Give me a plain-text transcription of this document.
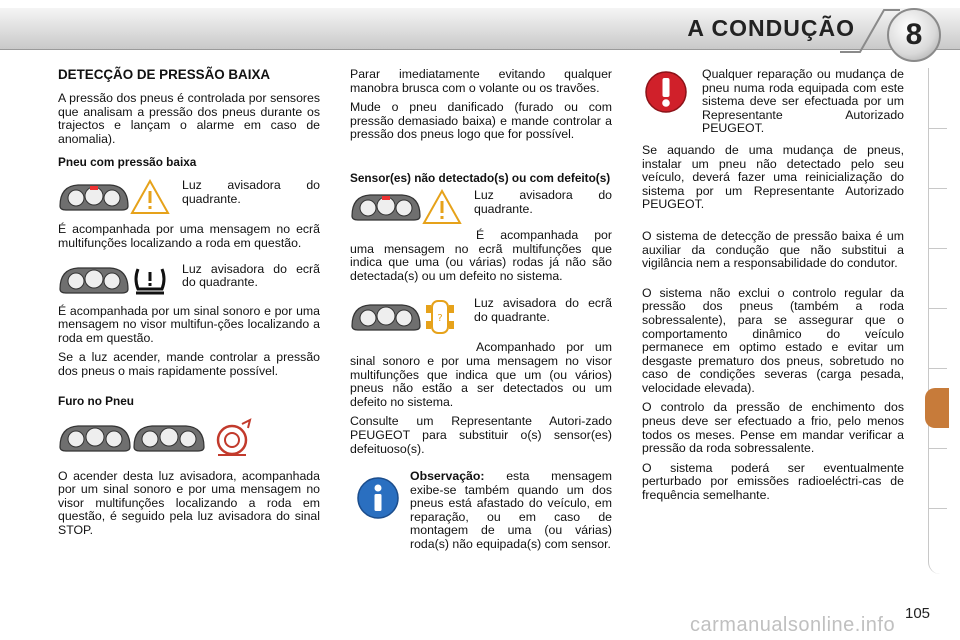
A CONDUÇÃO	8
DETECÇÃO DE PRESSÃO BAIXA

A pressão dos pneus é controlada por sensores que analisam a pressão dos pneus durante os trajectos e lançam o alarme em caso de anomalia).

Pneu com pressão baixa
Luz avisadora do quadrante.

É acompanhada por uma mensagem no ecrã multifunções localizando a roda em questão.

Luz avisadora do ecrã do quadrante.

É acompanhada por um sinal sonoro e por uma mensagem no visor multifun-ções localizando a roda em questão.

Se a luz acender, mande controlar a pressão dos pneus o mais rapidamente possível.

Furo no Pneu

O acender desta luz avisadora, acompanhada por um sinal sonoro e por uma mensagem no visor multifunções localizando a roda em questão, é seguido pela luz avisadora do sinal STOP.

Parar imediatamente evitando qualquer manobra brusca com o volante ou os travões.

Mude o pneu danificado (furado ou com pressão demasiado baixa) e mande controlar a pressão dos pneus logo que for possível.

Sensor(es) não detectado(s) ou com defeito(s)
Luz avisadora do quadrante.

É acompanhada por uma mensagem no ecrã multifunções que indica que uma (ou várias) rodas já não são detectada(s) ou um defeito no sistema.

?
Luz avisadora do ecrã do quadrante.

Acompanhado por um sinal sonoro e por uma mensagem no visor multifunções que indica que um (ou vários) pneus não estão a ser detectados ou um defeito no sistema.

Consulte um Representante Autori-zado PEUGEOT para substituir o(s) sensor(es) defeituoso(s).

Observação: esta mensagem exibe-se também quando um dos pneus está afastado do veículo, em reparação, ou em caso de montagem de uma (ou várias) roda(s) não equipada(s) com sensor.
Qualquer reparação ou mudança de pneu numa roda equipada com este sistema deve ser efectuada por um Representante Autorizado PEUGEOT.

Se aquando de uma mudança de pneus, instalar um pneu não detectado pelo seu veículo, deverá fazer uma reinicialização do sistema por um Representante Autorizado PEUGEOT.

O sistema de detecção de pressão baixa é um auxiliar da condução que não substitui a vigilância nem a responsabilidade do condutor.

O sistema não exclui o controlo regular da pressão dos pneus (também a roda sobressalente), para se assegurar que o comportamento dinâmico do veículo permanece em optimo estado e evitar um desgaste prematuro dos pneus, sobretudo no caso de condições severas (carga pesada, velocidade elevada).

O controlo da pressão de enchimento dos pneus deve ser efectuado a frio, pelo menos todos os meses. Pense em mandar verificar a pressão da roda sobressalente.

O sistema poderá ser eventualmente perturbado por emissões radioeléctri-cas de frequência semelhante.

105
carmanualsonline.info
